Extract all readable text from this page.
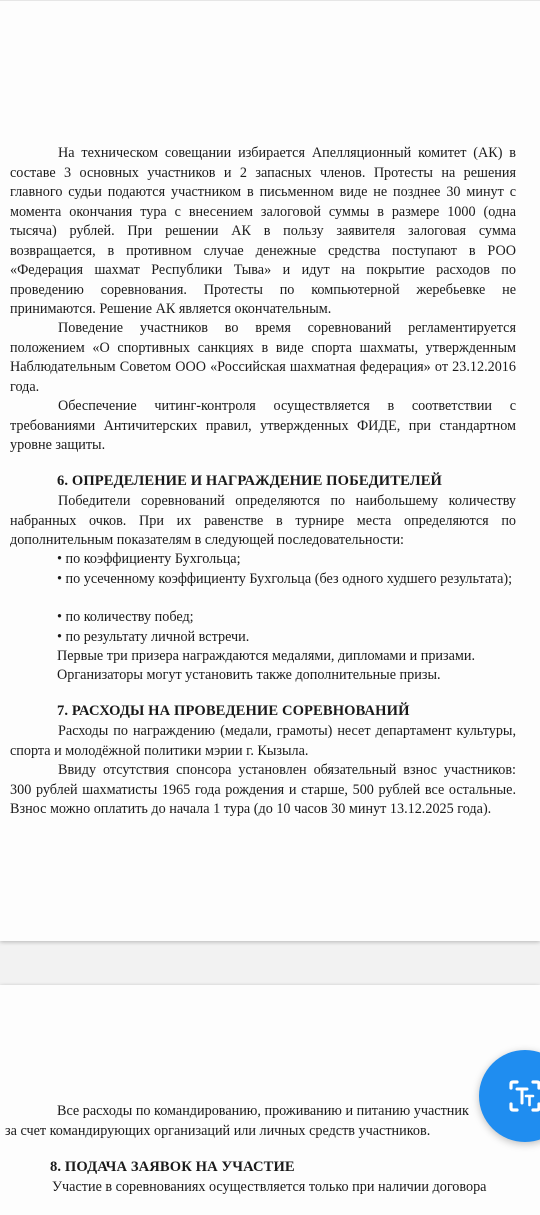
На техническом совещании избирается Апелляционный комитет (АК) в составе 3 основных участников и 2 запасных членов. Протесты на решения главного судьи подаются участником в письменном виде не позднее 30 минут с момента окончания тура с внесением залоговой суммы в размере 1000 (одна тысяча) рублей. При решении АК в пользу заявителя залоговая сумма возвращается, в противном случае денежные средства поступают в РОО «Федерация шахмат Республики Тыва» и идут на покрытие расходов по проведению соревнования. Протесты по компьютерной жеребьевке не принимаются. Решение АК является окончательным.

Поведение участников во время соревнований регламентируется положением «О спортивных санкциях в виде спорта шахматы, утвержденным Наблюдательным Советом ООО «Российская шахматная федерация» от 23.12.2016 года.

Обеспечение читинг-контроля осуществляется в соответствии с требованиями Античитерских правил, утвержденных ФИДЕ, при стандартном уровне защиты.

6. ОПРЕДЕЛЕНИЕ И НАГРАЖДЕНИЕ ПОБЕДИТЕЛЕЙ

Победители соревнований определяются по наибольшему количеству набранных очков. При их равенстве в турнире места определяются по дополнительным показателям в следующей последовательности:

• по коэффициенту Бухгольца;

• по усеченному коэффициенту Бухгольца (без одного худшего результата);

• по количеству побед;

• по результату личной встречи.

Первые три призера награждаются медалями, дипломами и призами.

Организаторы могут установить также дополнительные призы.

7. РАСХОДЫ НА ПРОВЕДЕНИЕ СОРЕВНОВАНИЙ

Расходы по награждению (медали, грамоты) несет департамент культуры, спорта и молодёжной политики мэрии г. Кызыла.

Ввиду отсутствия спонсора установлен обязательный взнос участников: 300 рублей шахматисты 1965 года рождения и старше, 500 рублей все остальные. Взнос можно оплатить до начала 1 тура (до 10 часов 30 минут 13.12.2025 года).

Все расходы по командированию, проживанию и питанию участник

за счет командирующих организаций или личных средств участников.

8. ПОДАЧА ЗАЯВОК НА УЧАСТИЕ

Участие в соревнованиях осуществляется только при наличии договора
